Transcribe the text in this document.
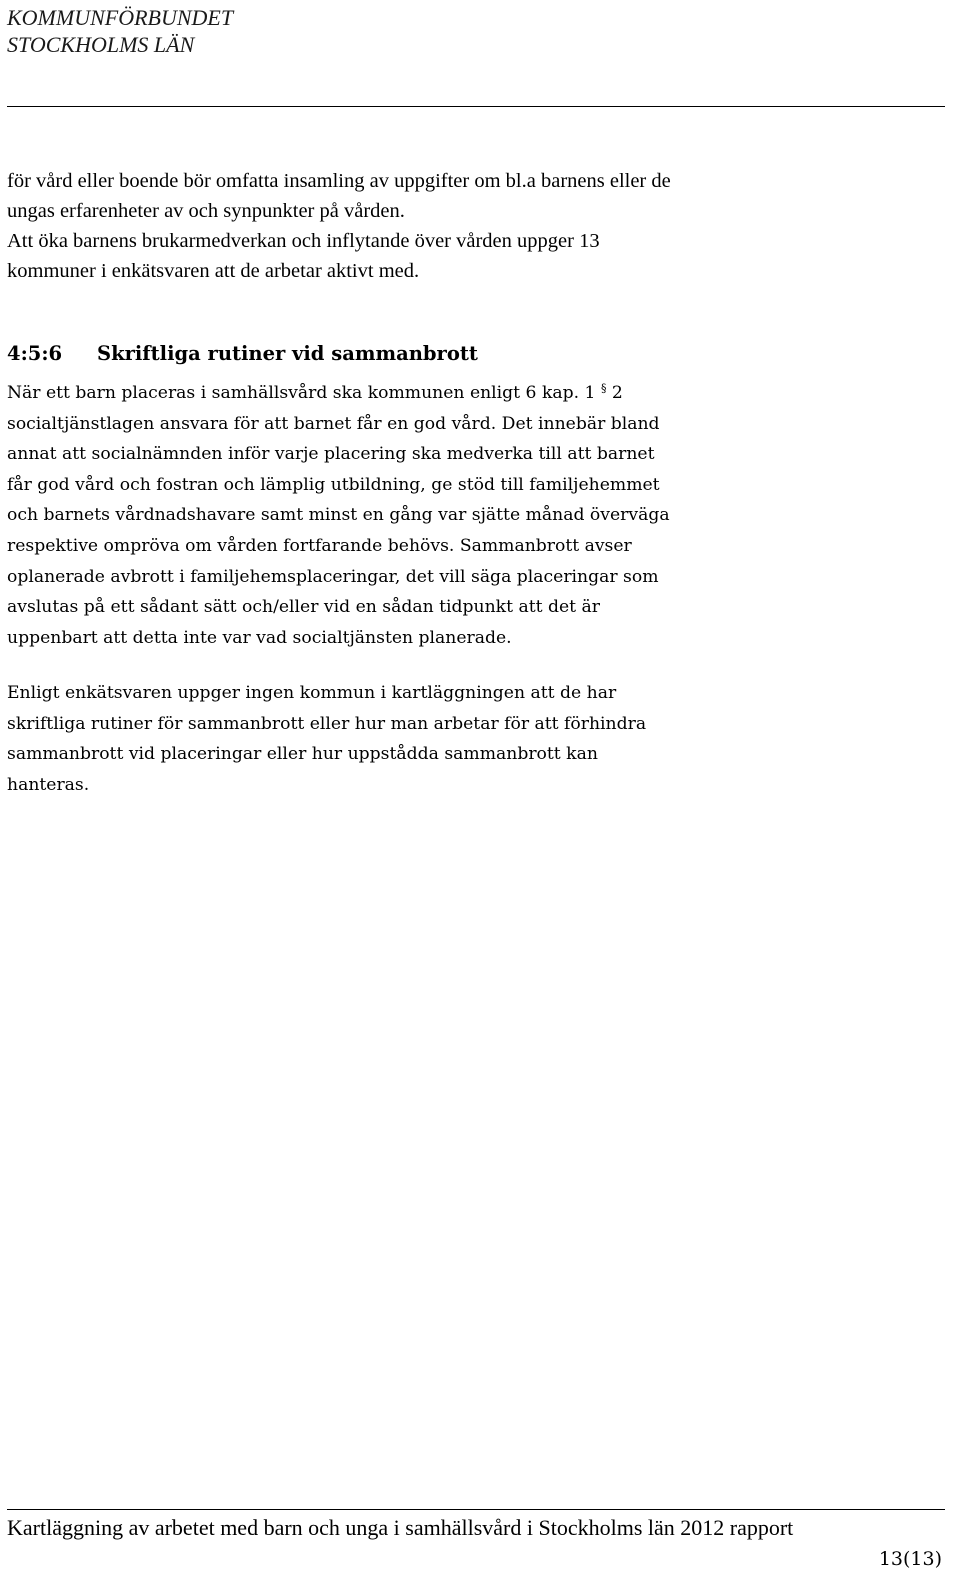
KOMMUNFÖRBUNDET
STOCKHOLMS LÄN

för vård eller boende bör omfatta insamling av uppgifter om bl.a barnens eller de
ungas erfarenheter av och synpunkter på vården.
Att öka barnens brukarmedverkan och inflytande över vården uppger 13
kommuner i enkätsvaren att de arbetar aktivt med.

4:5:6 Skriftliga rutiner vid sammanbrott

När ett barn placeras i samhällsvård ska kommunen enligt 6 kap. 1 § 2
socialtjänstlagen ansvara för att barnet får en god vård. Det innebär bland
annat att socialnämnden inför varje placering ska medverka till att barnet
får god vård och fostran och lämplig utbildning, ge stöd till familjehemmet
och barnets vårdnadshavare samt minst en gång var sjätte månad överväga
respektive ompröva om vården fortfarande behövs. Sammanbrott avser
oplanerade avbrott i familjehemsplaceringar, det vill säga placeringar som
avslutas på ett sådant sätt och/eller vid en sådan tidpunkt att det är
uppenbart att detta inte var vad socialtjänsten planerade.

Enligt enkätsvaren uppger ingen kommun i kartläggningen att de har
skriftliga rutiner för sammanbrott eller hur man arbetar för att förhindra
sammanbrott vid placeringar eller hur uppstådda sammanbrott kan
hanteras.

Kartläggning av arbetet med barn och unga i samhällsvård i Stockholms län 2012 rapport
13(13)
